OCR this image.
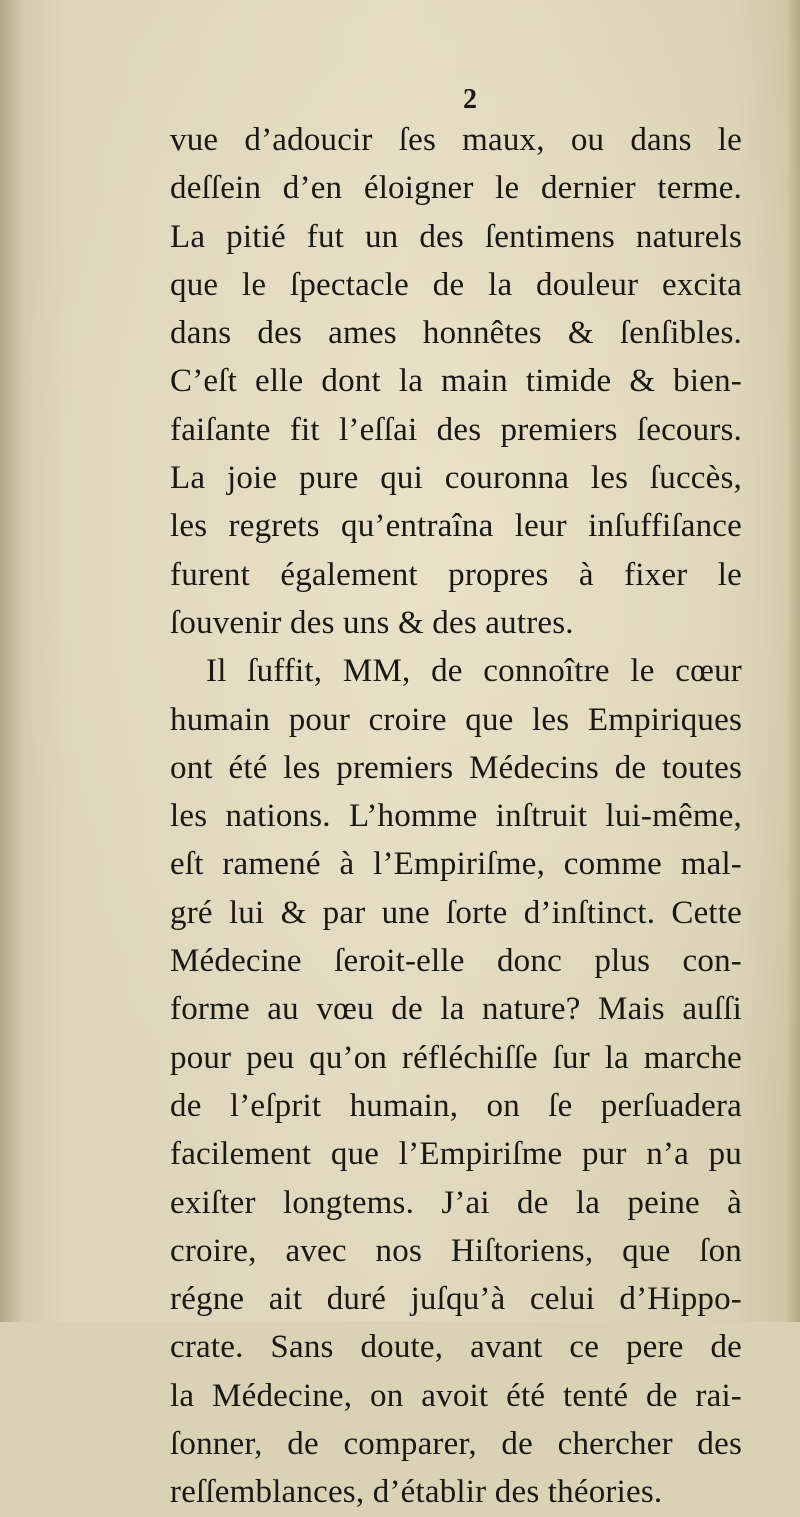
2

vue d’adoucir ſes maux, ou dans le
deſſein d’en éloigner le dernier terme.
La pitié fut un des ſentimens naturels
que le ſpectacle de la douleur excita
dans des ames honnêtes & ſenſibles.
C’eſt elle dont la main timide & bien-
faiſante fit l’eſſai des premiers ſecours.
La joie pure qui couronna les ſuccès,
les regrets qu’entraîna leur inſuffiſance
furent également propres à fixer le
ſouvenir des uns & des autres.
Il ſuffit, MM, de connoître le cœur
humain pour croire que les Empiriques
ont été les premiers Médecins de toutes
les nations. L’homme inſtruit lui-même,
eſt ramené à l’Empiriſme, comme mal-
gré lui & par une ſorte d’inſtinct. Cette
Médecine ſeroit-elle donc plus con-
forme au vœu de la nature? Mais auſſi
pour peu qu’on réfléchiſſe ſur la marche
de l’eſprit humain, on ſe perſuadera
facilement que l’Empiriſme pur n’a pu
exiſter longtems. J’ai de la peine à
croire, avec nos Hiſtoriens, que ſon
régne ait duré juſqu’à celui d’Hippo-
crate. Sans doute, avant ce pere de
la Médecine, on avoit été tenté de rai-
ſonner, de comparer, de chercher des
reſſemblances, d’établir des théories.
